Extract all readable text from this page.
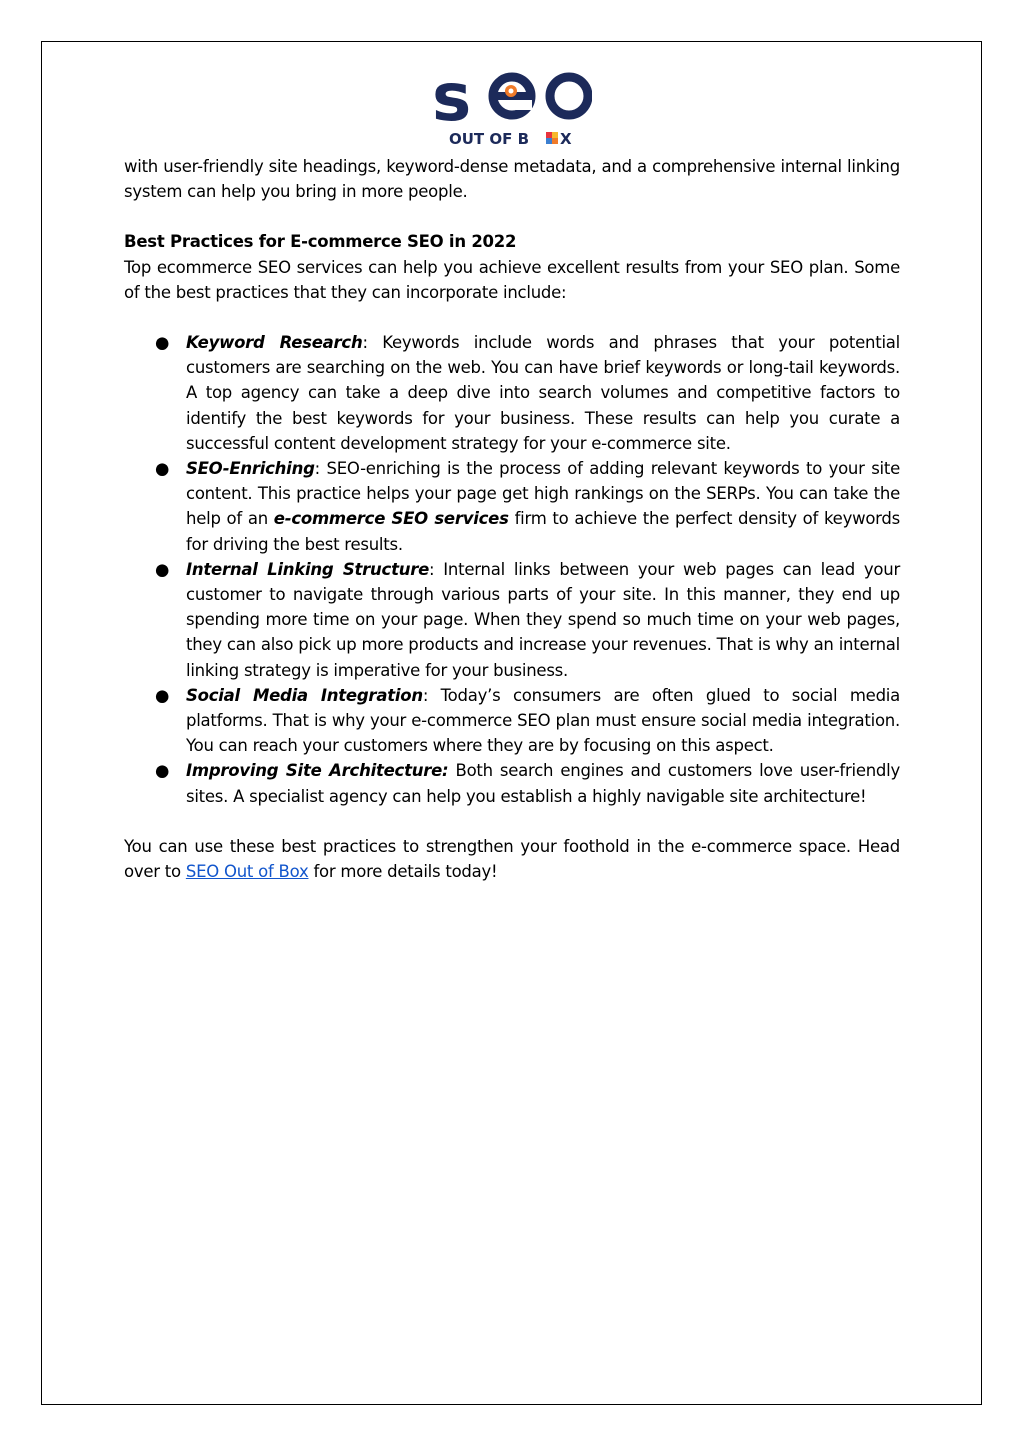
s
OUT OF B X

with user-friendly site headings, keyword-dense metadata, and a comprehensive internal linking system can help you bring in more people.

Best Practices for E-commerce SEO in 2022

Top ecommerce SEO services can help you achieve excellent results from your SEO plan. Some of the best practices that they can incorporate include:

● Keyword Research: Keywords include words and phrases that your potential customers are searching on the web. You can have brief keywords or long-tail keywords. A top agency can take a deep dive into search volumes and competitive factors to identify the best keywords for your business. These results can help you curate a successful content development strategy for your e-commerce site.
● SEO-Enriching: SEO-enriching is the process of adding relevant keywords to your site content. This practice helps your page get high rankings on the SERPs. You can take the help of an e-commerce SEO services firm to achieve the perfect density of keywords for driving the best results.
● Internal Linking Structure: Internal links between your web pages can lead your customer to navigate through various parts of your site. In this manner, they end up spending more time on your page. When they spend so much time on your web pages, they can also pick up more products and increase your revenues. That is why an internal linking strategy is imperative for your business.
● Social Media Integration: Today’s consumers are often glued to social media platforms. That is why your e-commerce SEO plan must ensure social media integration. You can reach your customers where they are by focusing on this aspect.
● Improving Site Architecture: Both search engines and customers love user-friendly sites. A specialist agency can help you establish a highly navigable site architecture!

You can use these best practices to strengthen your foothold in the e-commerce space. Head over to SEO Out of Box for more details today!
